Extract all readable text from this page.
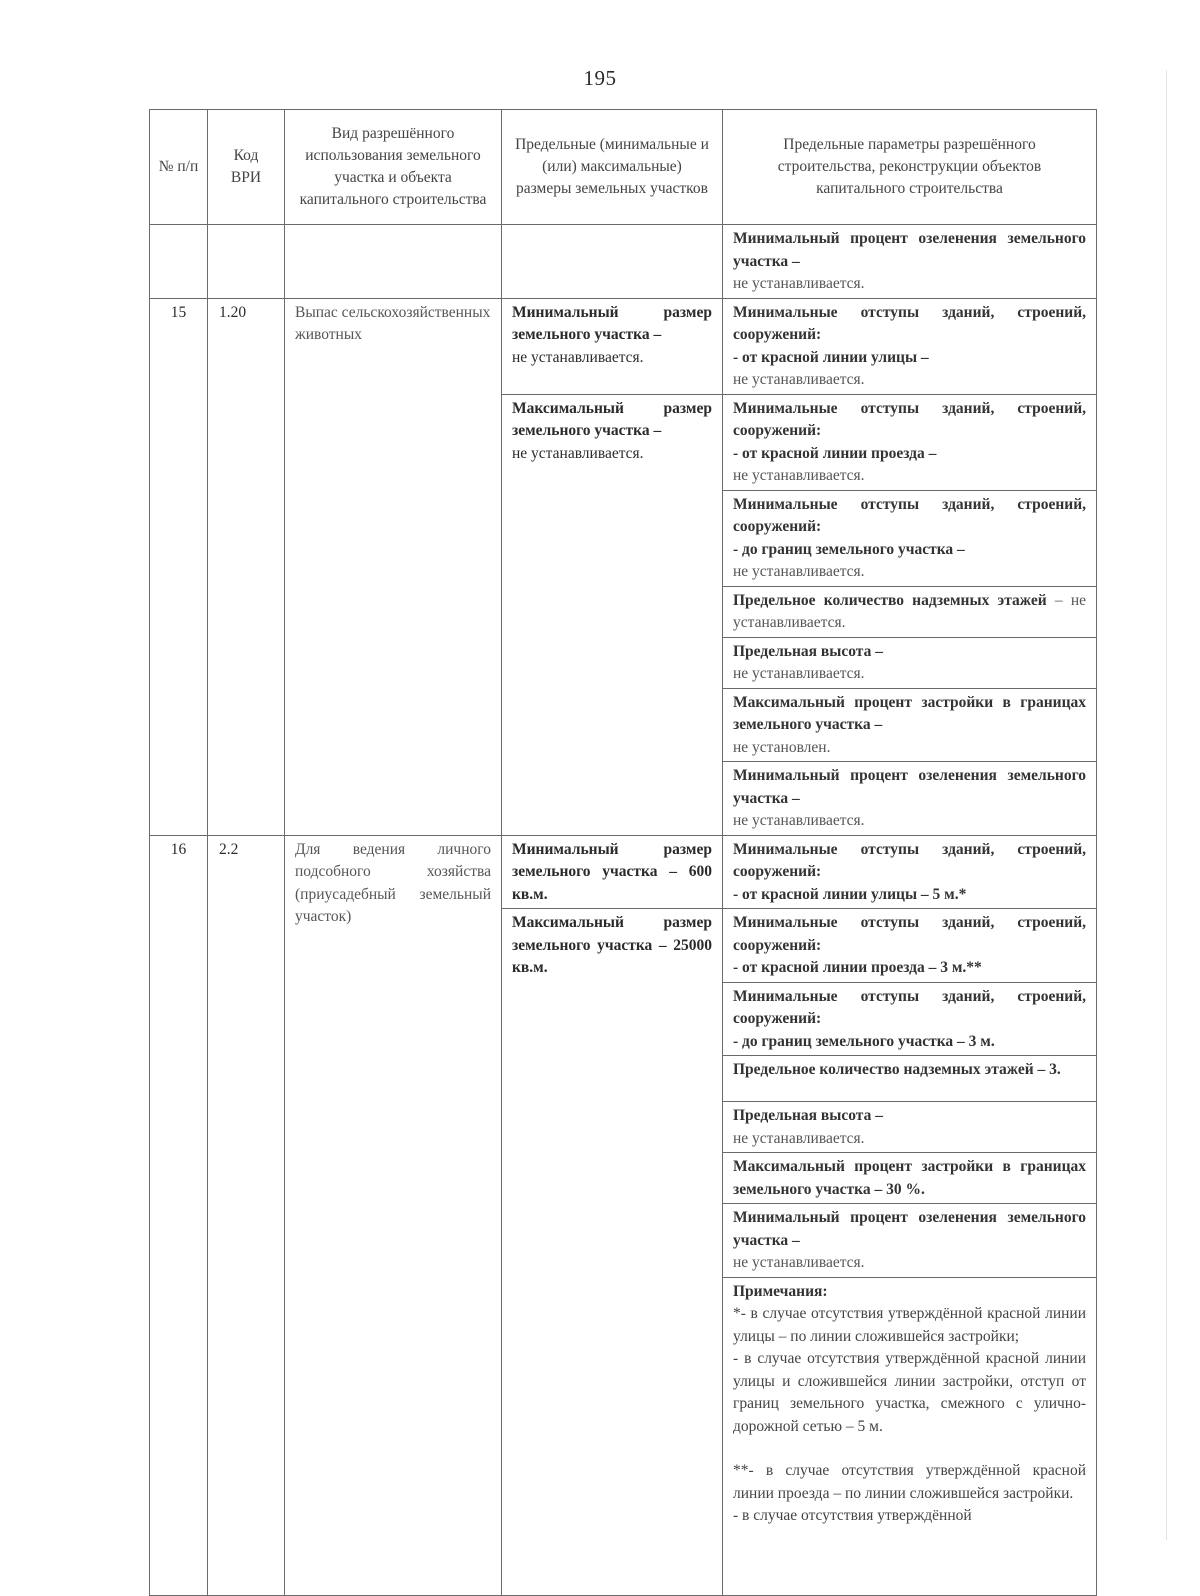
195
№ п/п	Код ВРИ	Вид разрешённого использования земельного участка и объекта капитального строительства	Предельные (минимальные и (или) максимальные) размеры земельных участков	Предельные параметры разрешённого строительства, реконструкции объектов капитального строительства

				Минимальный процент озеленения земельного участка –
не устанавливается.

15	1.20	Выпас сельскохозяйственных животных	Минимальный размер земельного участка –
не устанавливается.	Минимальные отступы зданий, строений, сооружений:
- от красной линии улицы –
не устанавливается.

			Максимальный размер земельного участка –
не устанавливается.	Минимальные отступы зданий, строений, сооружений:
- от красной линии проезда –
не устанавливается.

				Минимальные отступы зданий, строений, сооружений:
- до границ земельного участка –
не устанавливается.

				Предельное количество надземных этажей – не устанавливается.

				Предельная высота –
не устанавливается.

				Максимальный процент застройки в границах земельного участка –
не установлен.

				Минимальный процент озеленения земельного участка –
не устанавливается.

16	2.2	Для ведения личного подсобного хозяйства (приусадебный земельный участок)	Минимальный размер земельного участка – 600 кв.м.	Минимальные отступы зданий, строений, сооружений:
- от красной линии улицы – 5 м.*

			Максимальный размер земельного участка – 25000 кв.м.	Минимальные отступы зданий, строений, сооружений:
- от красной линии проезда – 3 м.**

				Минимальные отступы зданий, строений, сооружений:
- до границ земельного участка – 3 м.

				Предельное количество надземных этажей – 3.

				Предельная высота –
не устанавливается.

				Максимальный процент застройки в границах земельного участка – 30 %.

				Минимальный процент озеленения земельного участка –
не устанавливается.

				Примечания:
*- в случае отсутствия утверждённой красной линии улицы – по линии сложившейся застройки;
- в случае отсутствия утверждённой красной линии улицы и сложившейся линии застройки, отступ от границ земельного участка, смежного с улично-дорожной сетью – 5 м.
**- в случае отсутствия утверждённой красной линии проезда – по линии сложившейся застройки.
- в случае отсутствия утверждённой
